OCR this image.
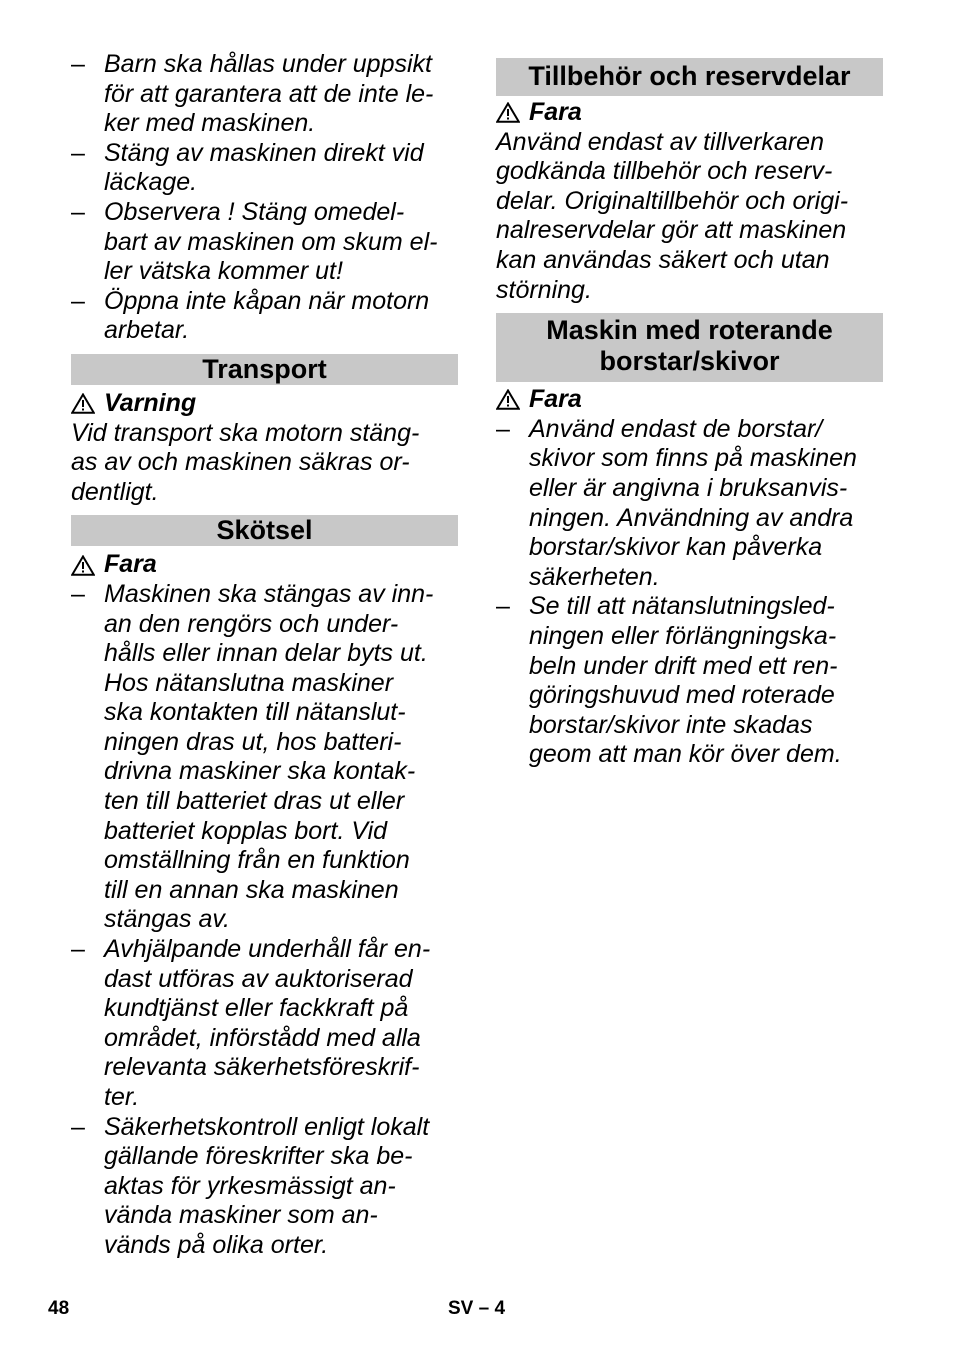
– Barn ska hållas under uppsikt
för att garantera att de inte le-
ker med maskinen.
– Stäng av maskinen direkt vid
läckage.
– Observera ! Stäng omedel-
bart av maskinen om skum el-
ler vätska kommer ut!
– Öppna inte kåpan när motorn
arbetar.
Transport
Varning
Vid transport ska motorn stäng-
as av och maskinen säkras or-
dentligt.
Skötsel
Fara
– Maskinen ska stängas av inn-
an den rengörs och under-
hålls eller innan delar byts ut.
Hos nätanslutna maskiner
ska kontakten till nätanslut-
ningen dras ut, hos batteri-
drivna maskiner ska kontak-
ten till batteriet dras ut eller
batteriet kopplas bort. Vid
omställning från en funktion
till en annan ska maskinen
stängas av.
– Avhjälpande underhåll får en-
dast utföras av auktoriserad
kundtjänst eller fackkraft på
området, införstådd med alla
relevanta säkerhetsföreskrif-
ter.
– Säkerhetskontroll enligt lokalt
gällande föreskrifter ska be-
aktas för yrkesmässigt an-
vända maskiner som an-
vänds på olika orter.
Tillbehör och reservdelar
Fara
Använd endast av tillverkaren
godkända tillbehör och reserv-
delar. Originaltillbehör och origi-
nalreservdelar gör att maskinen
kan användas säkert och utan
störning.
Maskin med roterande
borstar/skivor
Fara
– Använd endast de borstar/
skivor som finns på maskinen
eller är angivna i bruksanvis-
ningen. Användning av andra
borstar/skivor kan påverka
säkerheten.
– Se till att nätanslutningsled-
ningen eller förlängningska-
beln under drift med ett ren-
göringshuvud med roterade
borstar/skivor inte skadas
geom att man kör över dem.
48	SV – 4
